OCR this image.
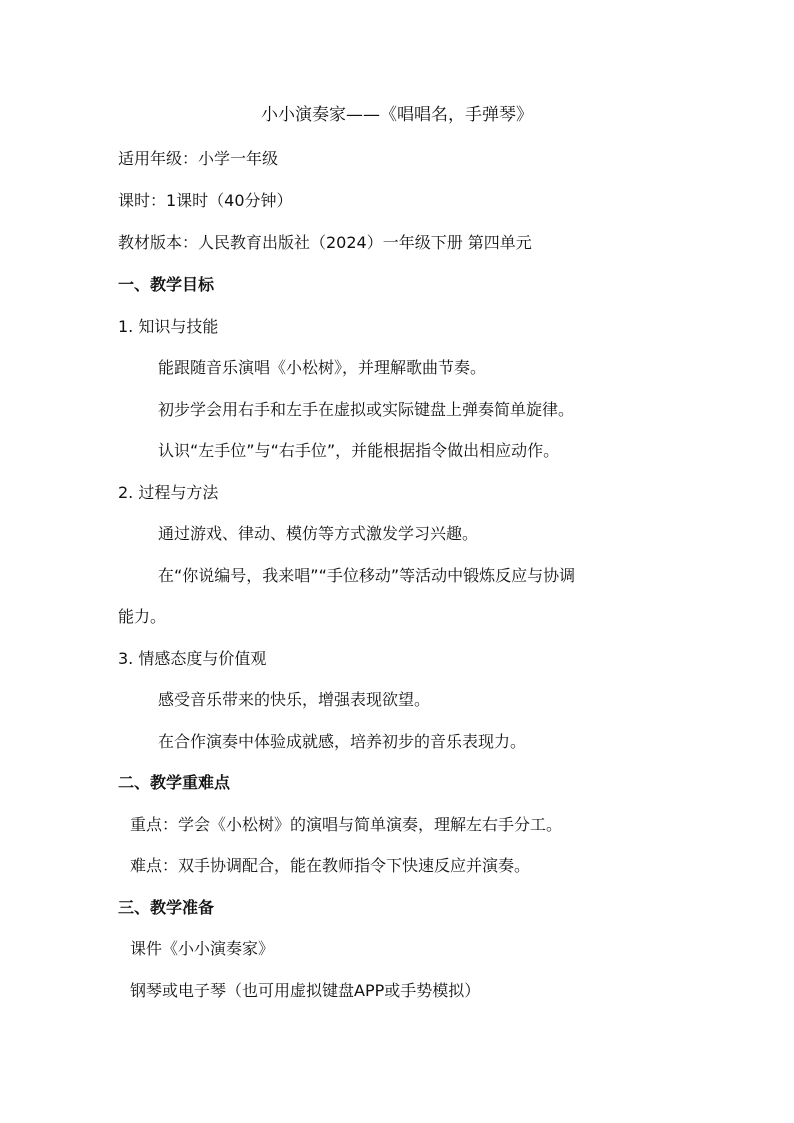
小小演奏家——《唱唱名，手弹琴》
适用年级：小学一年级
课时：1课时（40分钟）
教材版本：人民教育出版社（2024）一年级下册 第四单元
一、教学目标
1. 知识与技能
能跟随音乐演唱《小松树》，并理解歌曲节奏。
初步学会用右手和左手在虚拟或实际键盘上弹奏简单旋律。
认识“左手位”与“右手位”，并能根据指令做出相应动作。
2. 过程与方法
通过游戏、律动、模仿等方式激发学习兴趣。
在“你说编号，我来唱”“手位移动”等活动中锻炼反应与协调
能力。
3. 情感态度与价值观
感受音乐带来的快乐，增强表现欲望。
在合作演奏中体验成就感，培养初步的音乐表现力。
二、教学重难点
重点：学会《小松树》的演唱与简单演奏，理解左右手分工。
难点：双手协调配合，能在教师指令下快速反应并演奏。
三、教学准备
课件《小小演奏家》
钢琴或电子琴（也可用虚拟键盘APP或手势模拟）
